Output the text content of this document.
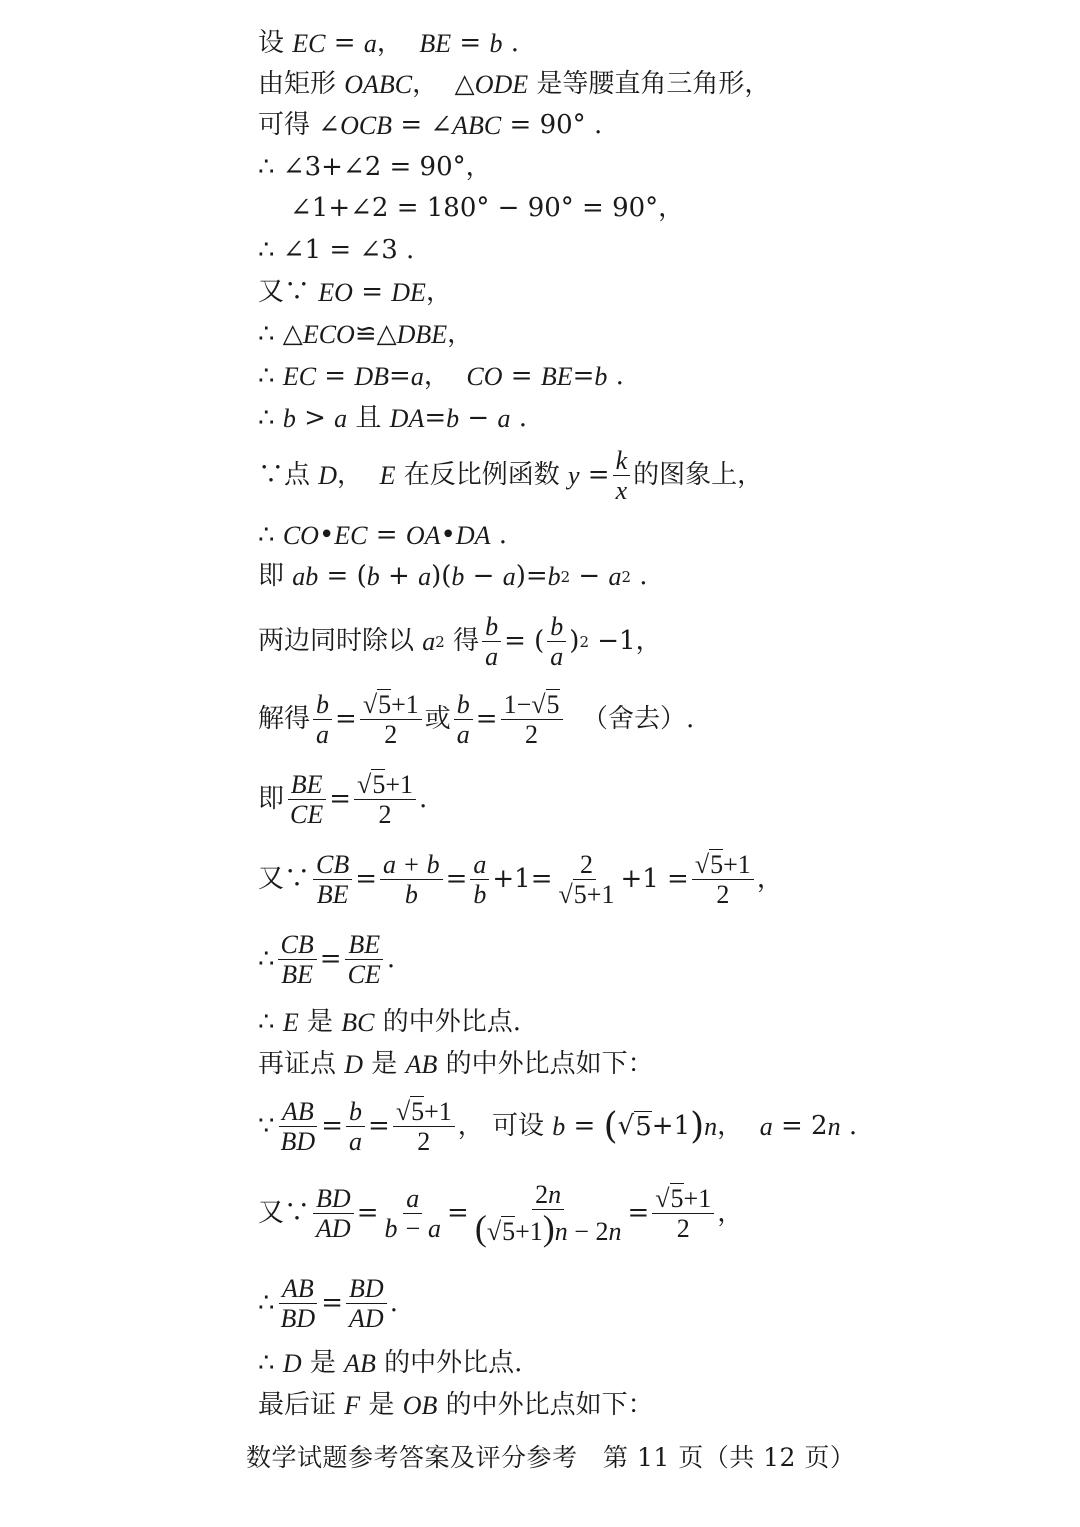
设 EC = a ， BE = b .
由矩形 OABC ，  △ ODE 是等腰直角三角形，
可得 ∠ OCB = ∠ ABC = 90° .
∴ ∠3+∠2 = 90°，
∠1+∠2 = 180° − 90° = 90°，
∴ ∠1 = ∠3 .
又∵ EO = DE ，
∴ △ ECO ≌△ DBE ，
∴ EC = DB = a ， CO = BE = b .
∴ b > a 且 DA = b − a .
∵点 D ， E 在反比例函数 $y = \frac{k}{x}$ 的图象上，
∴ CO • EC = OA • DA .
即 ab = ( b + a )( b − a )= b 2 − a 2 .
两边同时除以 a 2 得 $\frac{b}{a}$ = ( $\frac{b}{a}$ ) 2 −1，
解得 $\frac{b}{a} = \frac{√5+1}{2}$ 或 $\frac{b}{a} = \frac{1-√5}{2}$ （舍去）.
即 $\frac{BE}{CE} = \frac{√5+1}{2}$ .
又∵ $\frac{CB}{BE} = \frac{a + b}{b} = \frac{a}{b} +1= \frac{2}{√5+1} +1 = \frac{√5+1}{2}$ ，
∴ $\frac{CB}{BE} = \frac{BE}{CE}$ .
∴ E 是 BC 的中外比点.
再证点 D 是 AB 的中外比点如下：
∵ $\frac{AB}{BD} = \frac{b}{a} = \frac{√5+1}{2}$ ， 可设 b = ( √ 5 +1 ) n ， a = 2 n .
又∵ $\frac{BD}{AD} = \frac{a}{b - a} = \frac{2n}{(√5+1)n - 2n} = \frac{√5+1}{2}$ ，
∴ $\frac{AB}{BD} = \frac{BD}{AD}$ .
∴ D 是 AB 的中外比点.
最后证 F 是 OB 的中外比点如下：
数学试题参考答案及评分参考　第 11 页（共 12 页）
